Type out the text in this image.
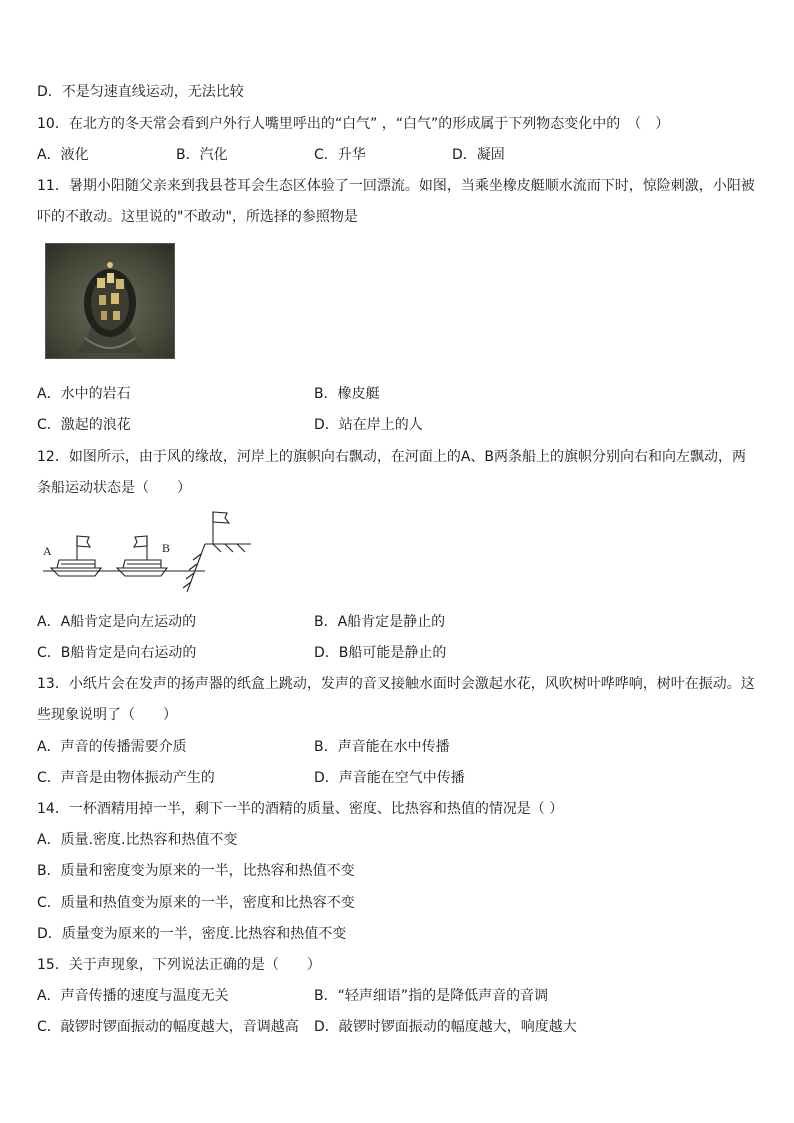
D．不是匀速直线运动，无法比较
10．在北方的冬天常会看到户外行人嘴里呼出的“白气” ，“白气”的形成属于下列物态变化中的　（　）
A．液化	B．汽化	C．升华	D．凝固
11．暑期小阳随父亲来到我县苍耳会生态区体验了一回漂流。如图，当乘坐橡皮艇顺水流而下时，惊险刺激，小阳被
吓的不敢动。这里说的"不敢动"，所选择的参照物是
A．水中的岩石	B．橡皮艇
C．激起的浪花	D．站在岸上的人
12．如图所示，由于风的缘故，河岸上的旗帜向右飘动，在河面上的A、B两条船上的旗帜分别向右和向左飘动，两
条船运动状态是（　　）
A	B
A．A船肯定是向左运动的	B．A船肯定是静止的
C．B船肯定是向右运动的	D．B船可能是静止的
13．小纸片会在发声的扬声器的纸盒上跳动，发声的音叉接触水面时会激起水花，风吹树叶哗哗响，树叶在振动。这
些现象说明了（　　）
A．声音的传播需要介质	B．声音能在水中传播
C．声音是由物体振动产生的	D．声音能在空气中传播
14．一杯酒精用掉一半，剩下一半的酒精的质量、密度、比热容和热值的情况是（ ）
A．质量.密度.比热容和热值不变
B．质量和密度变为原来的一半，比热容和热值不变
C．质量和热值变为原来的一半，密度和比热容不变
D．质量变为原来的一半，密度.比热容和热值不变
15．关于声现象，下列说法正确的是（　　）
A．声音传播的速度与温度无关	B．“轻声细语”指的是降低声音的音调
C．敲锣时锣面振动的幅度越大，音调越高 D．敲锣时锣面振动的幅度越大，响度越大
